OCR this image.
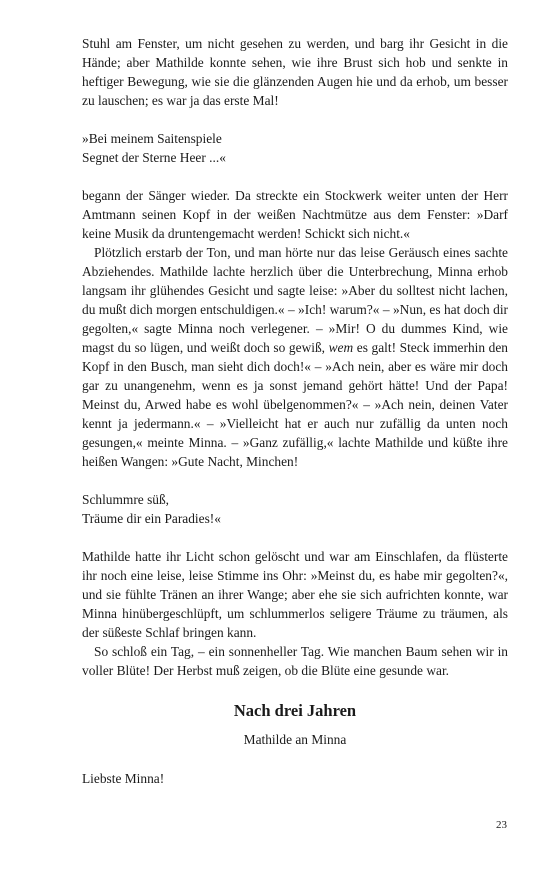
Stuhl am Fenster, um nicht gesehen zu werden, und barg ihr Gesicht in die Hände; aber Mathilde konnte sehen, wie ihre Brust sich hob und senkte in heftiger Bewegung, wie sie die glänzenden Augen hie und da erhob, um besser zu lauschen; es war ja das erste Mal!

»Bei meinem Saitenspiele
Segnet der Sterne Heer ...«

begann der Sänger wieder. Da streckte ein Stockwerk weiter unten der Herr Amtmann seinen Kopf in der weißen Nachtmütze aus dem Fenster: »Darf keine Musik da druntengemacht werden! Schickt sich nicht.«

Plötzlich erstarb der Ton, und man hörte nur das leise Geräusch eines sachte Abziehendes. Mathilde lachte herzlich über die Unterbrechung, Minna erhob langsam ihr glühendes Gesicht und sagte leise: »Aber du solltest nicht lachen, du mußt dich morgen entschuldigen.« – »Ich! warum?« – »Nun, es hat doch dir gegolten,« sagte Minna noch verlegener. – »Mir! O du dummes Kind, wie magst du so lügen, und weißt doch so gewiß, wem es galt! Steck immerhin den Kopf in den Busch, man sieht dich doch!« – »Ach nein, aber es wäre mir doch gar zu unangenehm, wenn es ja sonst jemand gehört hätte! Und der Papa! Meinst du, Arwed habe es wohl übelgenommen?« – »Ach nein, deinen Vater kennt ja jedermann.« – »Vielleicht hat er auch nur zufällig da unten noch gesungen,« meinte Minna. – »Ganz zufällig,« lachte Mathilde und küßte ihre heißen Wangen: »Gute Nacht, Minchen!

Schlummre süß,
Träume dir ein Paradies!«

Mathilde hatte ihr Licht schon gelöscht und war am Einschlafen, da flüsterte ihr noch eine leise, leise Stimme ins Ohr: »Meinst du, es habe mir gegolten?«, und sie fühlte Tränen an ihrer Wange; aber ehe sie sich aufrichten konnte, war Minna hinübergeschlüpft, um schlummerlos seligere Träume zu träumen, als der süßeste Schlaf bringen kann.

So schloß ein Tag, – ein sonnenheller Tag. Wie manchen Baum sehen wir in voller Blüte! Der Herbst muß zeigen, ob die Blüte eine gesunde war.

Nach drei Jahren

Mathilde an Minna

Liebste Minna!

23
